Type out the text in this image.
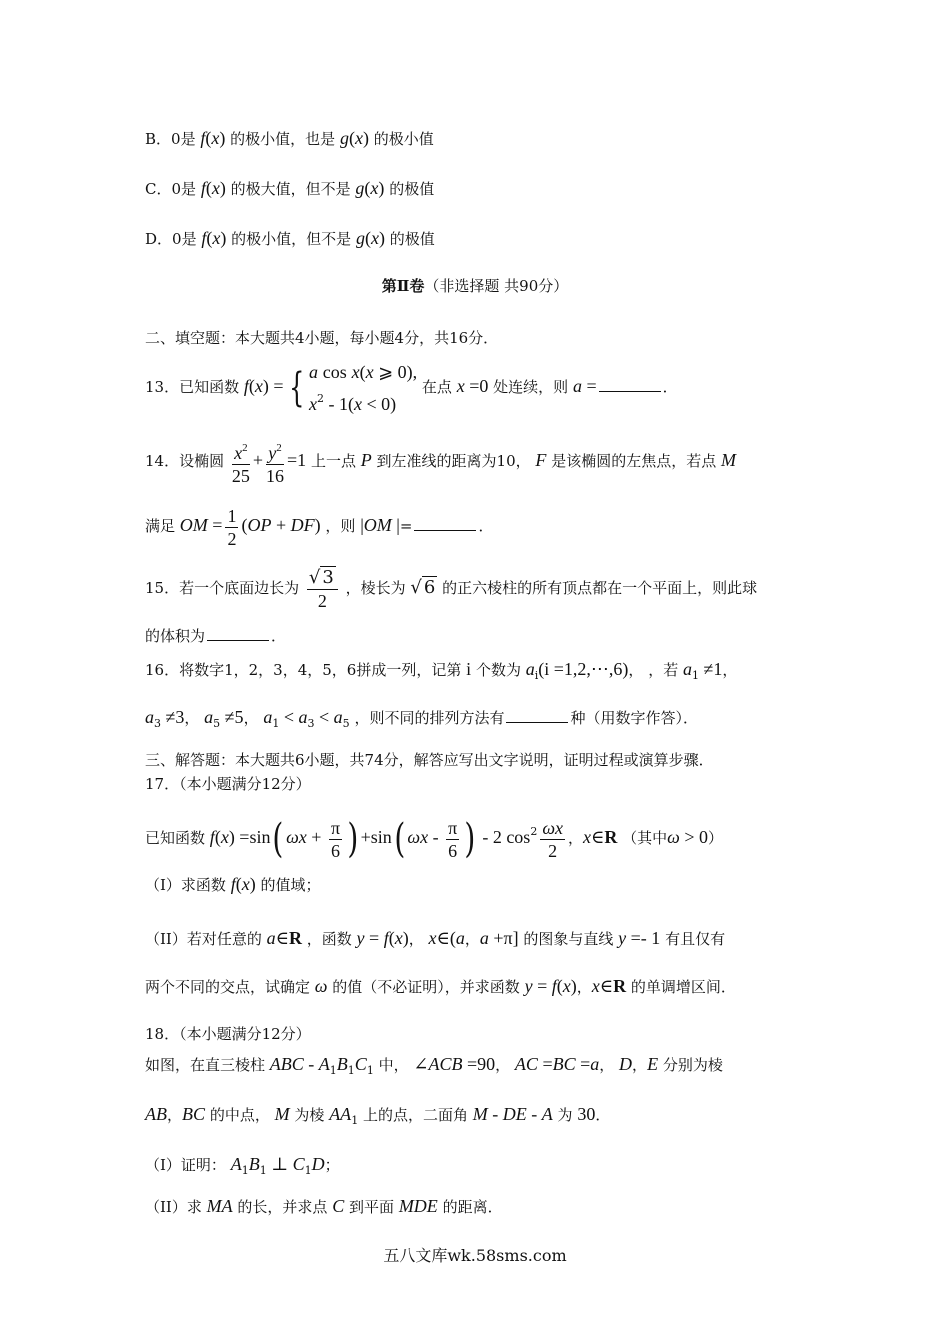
B．0是 f(x) 的极小值，也是 g(x) 的极小值
C．0是 f(x) 的极大值，但不是 g(x) 的极值
D．0是 f(x) 的极小值，但不是 g(x) 的极值
第Ⅱ卷（非选择题 共90分）
二、填空题：本大题共4小题，每小题4分，共16分．
13．已知函数 f(x) = { a cos x(x ⩾ 0),
$x^2 - 1(x < 0)$
在点 x =0 处连续，则 a =	．
14．设椭圆 $\frac{x^2}{25} + \frac{y^2}{16} =1$ 上一点 P 到左准线的距离为10， F 是该椭圆的左焦点，若点 M
满足 OM = $\frac{1}{2} (OP + DF)$ ，则 |OM |=	．
15．若一个底面边长为 $\frac{√ 3}{2}$ ，棱长为 √ 6 的正六棱柱的所有顶点都在一个平面上，则此球
的体积为	．
16．将数字1，2，3，4，5，6拼成一列，记第 i 个数为 $a_i(i$ =1,2,⋯,6)， ，若 $a_1 \ne 1$，
$a_3 \ne 3$， $a_5 \ne 5$， $a_1 < a_3 < a_5$ ，则不同的排列方法有	种（用数字作答）．
三、解答题：本大题共6小题，共74分，解答应写出文字说明，证明过程或演算步骤．
17．（本小题满分12分）
已知函数 f(x) =sin( $\omega x + \frac{\pi}{6}$ ) +sin( ωx - $\frac{\pi}{6}$ ) - 2 $\cos^2 \frac{\omega x}{2}$ ，x∈R （其中ω > 0）
（I）求函数 f(x) 的值域；
（II）若对任意的 a∈R ，函数 y = f(x)， x∈(a，a +π] 的图象与直线 y =- 1 有且仅有
两个不同的交点，试确定 ω 的值（不必证明），并求函数 y = f(x)，x∈R 的单调增区间．
18．（本小题满分12分）
如图，在直三棱柱 ABC - $A_1B_1C_1$ 中， ∠ACB =90， AC =BC =a， D，E 分别为棱
AB，BC 的中点， M 为棱 $AA_1$ 上的点，二面角 M - DE - A 为 30．
（I）证明： $A_1B_1$ ⊥ $C_1D$；
（II）求 MA 的长，并求点 C 到平面 MDE 的距离．
五八文库wk.58sms.com
